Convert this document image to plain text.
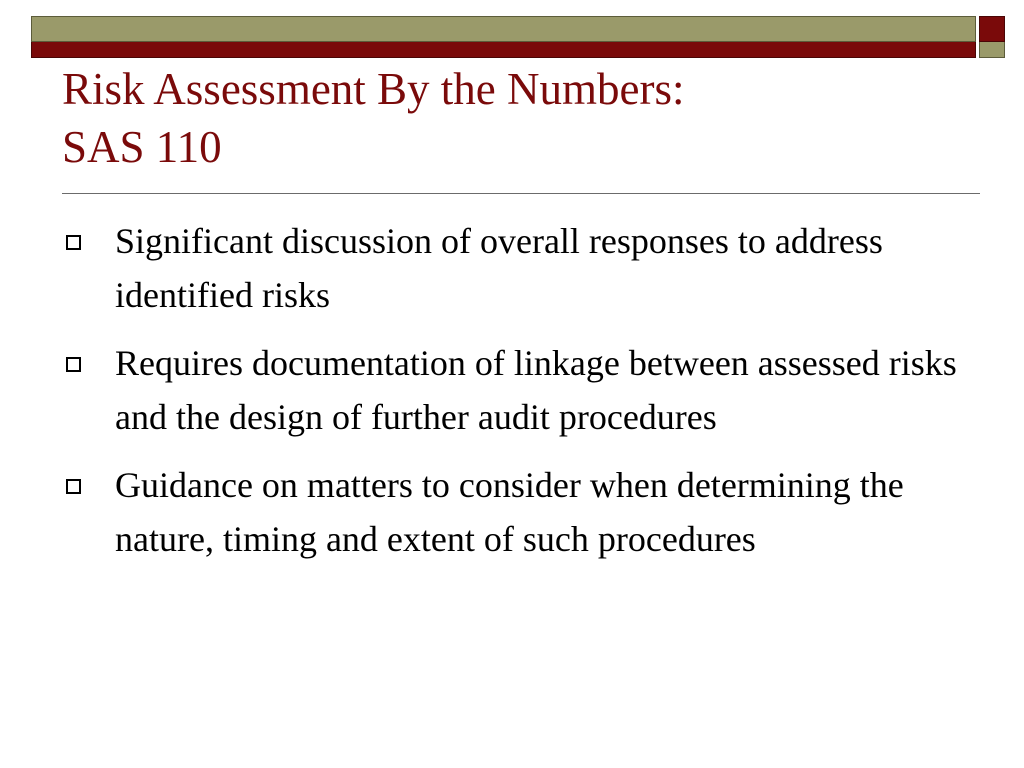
Risk Assessment By the Numbers:
SAS 110
Significant discussion of overall responses to address identified risks
Requires documentation of linkage between assessed risks and the design of further audit procedures
Guidance on matters to consider when determining the nature, timing and extent of such procedures
